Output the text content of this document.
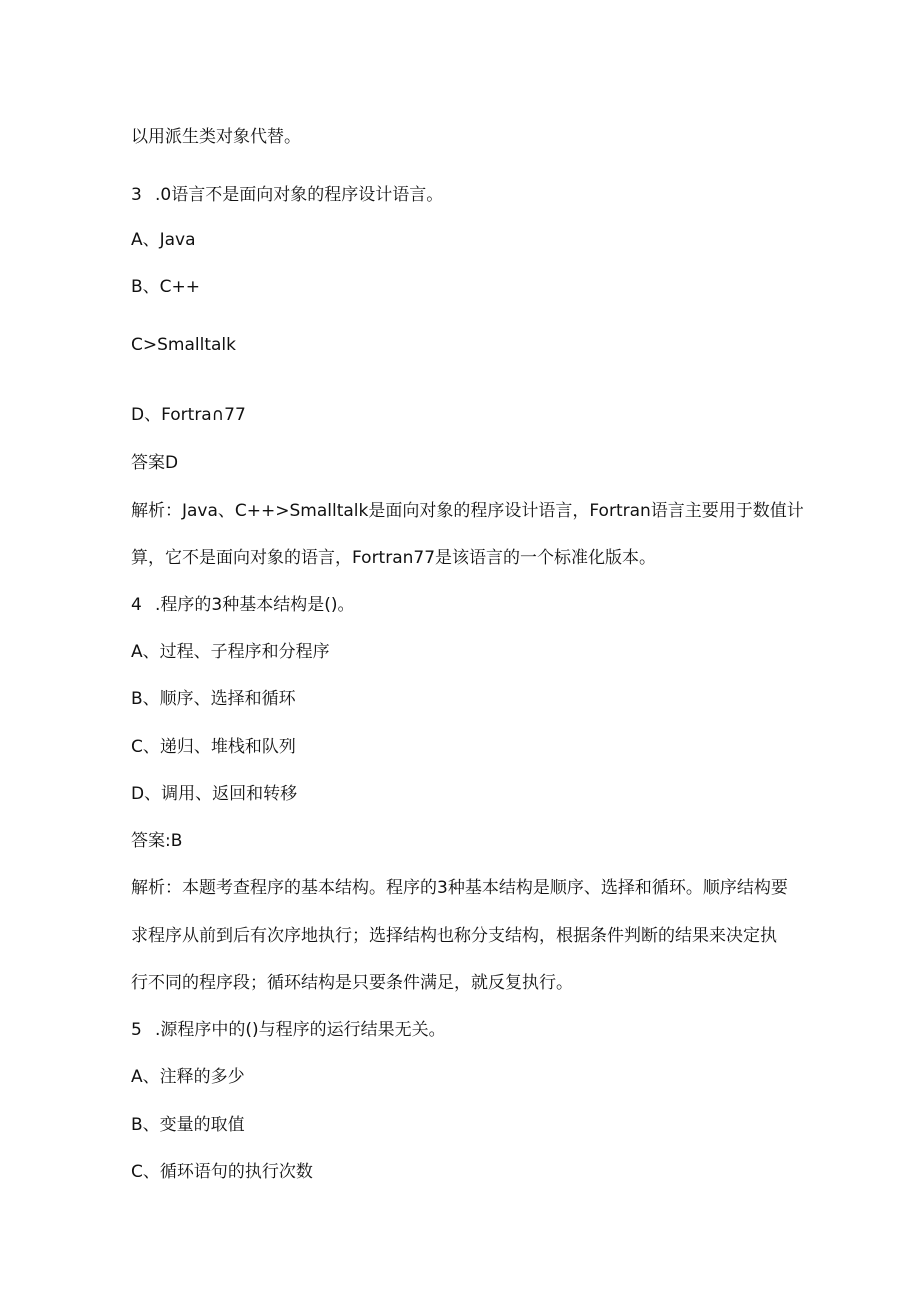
以用派生类对象代替。
3 .0语言不是面向对象的程序设计语言。
A、Java
B、C++
C>Smalltalk
D、Fortra∩77
答案D
解析：Java、C++>Smalltalk是面向对象的程序设计语言，Fortran语言主要用于数值计
算，它不是面向对象的语言，Fortran77是该语言的一个标准化版本。
4 .程序的3种基本结构是()。
A、过程、子程序和分程序
B、顺序、选择和循环
C、递归、堆栈和队列
D、调用、返回和转移
答案:B
解析：本题考查程序的基本结构。程序的3种基本结构是顺序、选择和循环。顺序结构要
求程序从前到后有次序地执行；选择结构也称分支结构，根据条件判断的结果来决定执
行不同的程序段；循环结构是只要条件满足，就反复执行。
5 .源程序中的()与程序的运行结果无关。
A、注释的多少
B、变量的取值
C、循环语句的执行次数
